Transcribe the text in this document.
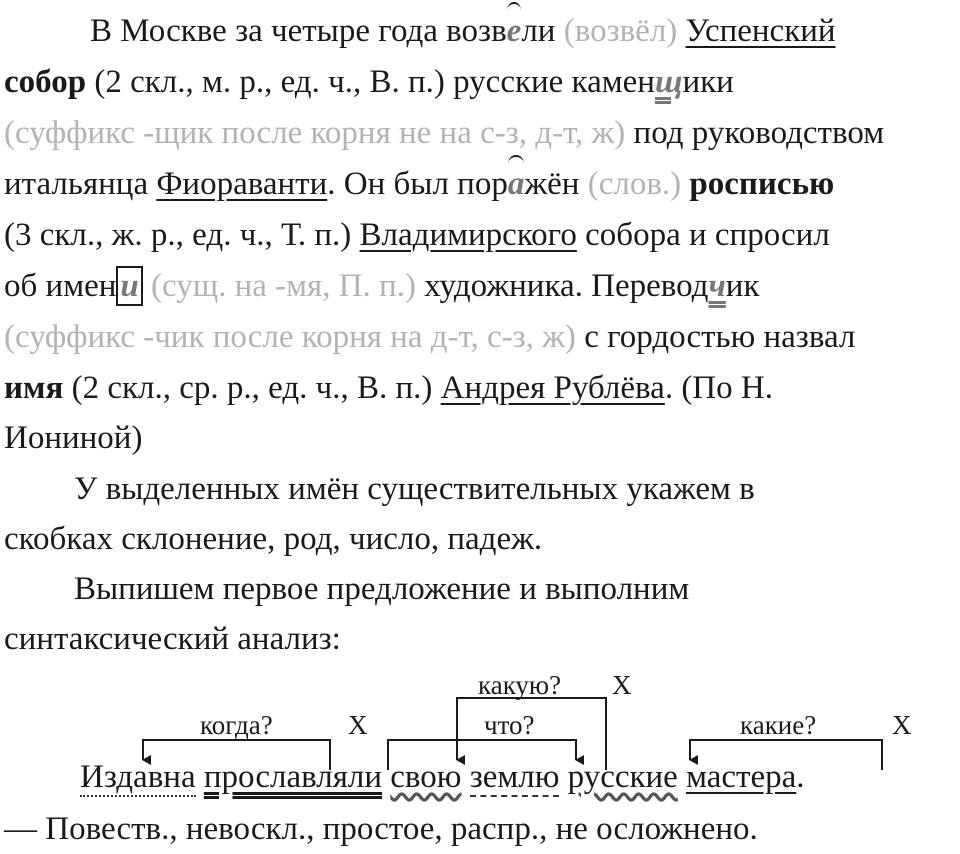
В Москве за четыре года возвели (возвёл) Успенский
собор (2 скл., м. р., ед. ч., В. п.) русские каменщики
(суффикс -щик после корня не на с-з, д-т, ж) под руководством
итальянца Фиораванти. Он был поражён (слов.) росписью
(3 скл., ж. р., ед. ч., Т. п.) Владимирского собора и спросил
об имен и (сущ. на -мя, П. п.) художника. Переводчик
(суффикс -чик после корня на д-т, с-з, ж) с гордостью назвал
имя (2 скл., ср. р., ед. ч., В. п.) Андрея Рублёва. (По Н.
Иониной)
У выделенных имён существительных укажем в
скобках склонение, род, число, падеж.
Выпишем первое предложение и выполним
синтаксический анализ:
когда?	X
какую? X
что?	какие?	X
Издавна прославляли свою землю русские мастера.
— Повеств., невоскл., простое, распр., не осложнено.
